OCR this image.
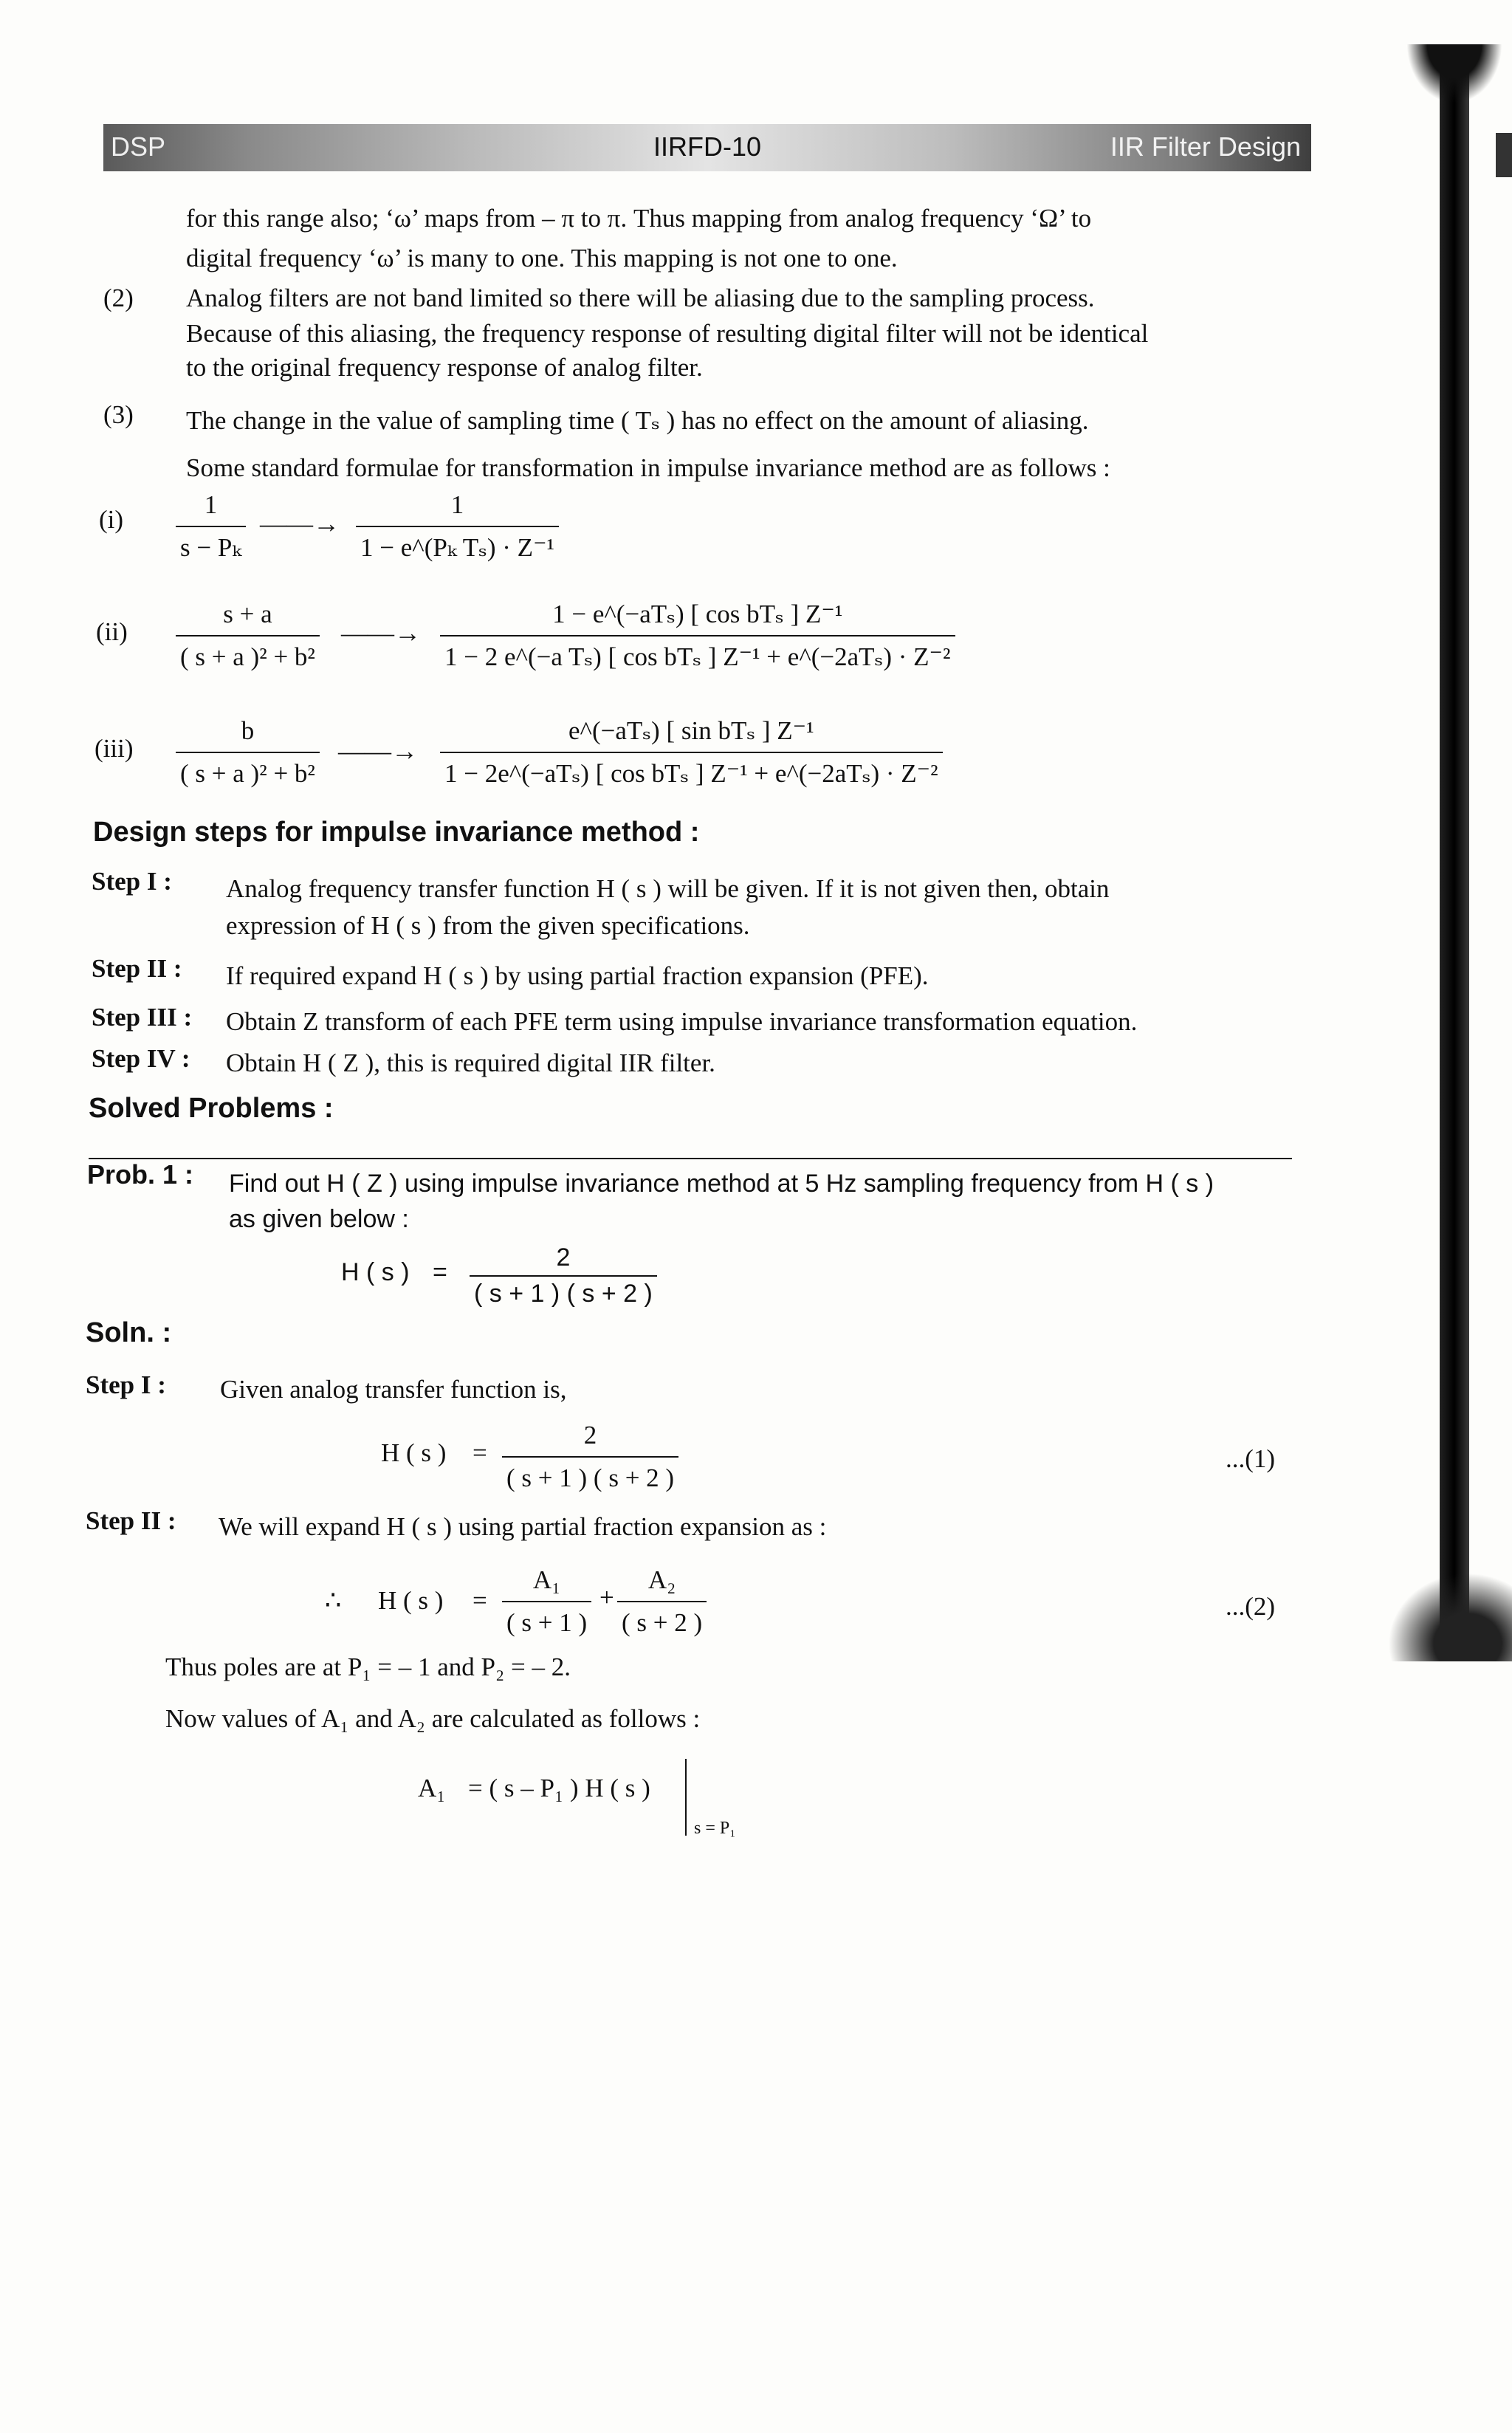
DSP	IIRFD-10	IIR Filter Design
for this range also; ‘ω’ maps from – π to π. Thus mapping from analog frequency ‘Ω’ to
digital frequency ‘ω’ is many to one. This mapping is not one to one.
(2) Analog filters are not band limited so there will be aliasing due to the sampling process.
Because of this aliasing, the frequency response of resulting digital filter will not be identical
to the original frequency response of analog filter.
(3) The change in the value of sampling time ( Tₛ ) has no effect on the amount of aliasing.
Some standard formulae for transformation in impulse invariance method are as follows :
(i)
1
s − Pₖ
——→
1
1 − e^(Pₖ Tₛ) · Z⁻¹
(ii)
s + a
( s + a )² + b²
——→
1 − e^(−aTₛ) [ cos bTₛ ] Z⁻¹
1 − 2 e^(−a Tₛ) [ cos bTₛ ] Z⁻¹ + e^(−2aTₛ) · Z⁻²
(iii)
b
( s + a )² + b²
——→
e^(−aTₛ) [ sin bTₛ ] Z⁻¹
1 − 2e^(−aTₛ) [ cos bTₛ ] Z⁻¹ + e^(−2aTₛ) · Z⁻²
Design steps for impulse invariance method :
Step I : Analog frequency transfer function H ( s ) will be given. If it is not given then, obtain
expression of H ( s ) from the given specifications.
Step II : If required expand H ( s ) by using partial fraction expansion (PFE).
Step III : Obtain Z transform of each PFE term using impulse invariance transformation equation.
Step IV : Obtain H ( Z ), this is required digital IIR filter.
Solved Problems :
Prob. 1 : Find out H ( Z ) using impulse invariance method at 5 Hz sampling frequency from H ( s )
as given below :
H ( s ) =
2
( s + 1 ) ( s + 2 )
Soln. :
Step I : Given analog transfer function is,
H ( s ) =
2
( s + 1 ) ( s + 2 )
...(1)
Step II : We will expand H ( s ) using partial fraction expansion as :
∴ H ( s ) =
A₁
( s + 1 )
+
A₂
( s + 2 )
...(2)
Thus poles are at P₁ = – 1 and P₂ = – 2.
Now values of A₁ and A₂ are calculated as follows :
A₁ = ( s – P₁ ) H ( s )
s = P₁
